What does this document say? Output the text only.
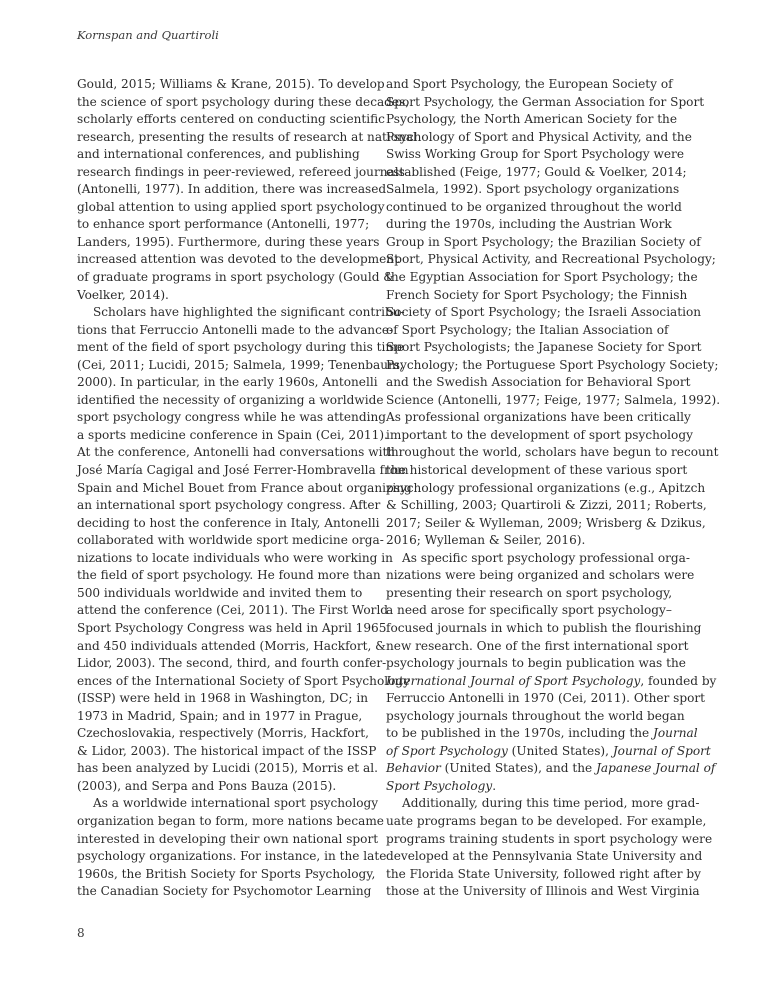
Kornspan and Quartiroli

Gould, 2015; Williams & Krane, 2015). To develop
the science of sport psychology during these decades,
scholarly efforts centered on conducting scientific
research, presenting the results of research at national
and international conferences, and publishing
research findings in peer-reviewed, refereed journals
(Antonelli, 1977). In addition, there was increased
global attention to using applied sport psychology
to enhance sport performance (Antonelli, 1977;
Landers, 1995). Furthermore, during these years
increased attention was devoted to the development
of graduate programs in sport psychology (Gould &
Voelker, 2014).

Scholars have highlighted the significant contribu-
tions that Ferruccio Antonelli made to the advance-
ment of the field of sport psychology during this time
(Cei, 2011; Lucidi, 2015; Salmela, 1999; Tenenbaum,
2000). In particular, in the early 1960s, Antonelli
identified the necessity of organizing a worldwide
sport psychology congress while he was attending
a sports medicine conference in Spain (Cei, 2011).
At the conference, Antonelli had conversations with
José María Cagigal and José Ferrer-Hombravella from
Spain and Michel Bouet from France about organizing
an international sport psychology congress. After
deciding to host the conference in Italy, Antonelli
collaborated with worldwide sport medicine orga-
nizations to locate individuals who were working in
the field of sport psychology. He found more than
500 individuals worldwide and invited them to
attend the conference (Cei, 2011). The First World
Sport Psychology Congress was held in April 1965
and 450 individuals attended (Morris, Hackfort, &
Lidor, 2003). The second, third, and fourth confer-
ences of the International Society of Sport Psychology
(ISSP) were held in 1968 in Washington, DC; in
1973 in Madrid, Spain; and in 1977 in Prague,
Czechoslovakia, respectively (Morris, Hackfort,
& Lidor, 2003). The historical impact of the ISSP
has been analyzed by Lucidi (2015), Morris et al.
(2003), and Serpa and Pons Bauza (2015).

As a worldwide international sport psychology
organization began to form, more nations became
interested in developing their own national sport
psychology organizations. For instance, in the late
1960s, the British Society for Sports Psychology,
the Canadian Society for Psychomotor Learning

and Sport Psychology, the European Society of
Sport Psychology, the German Association for Sport
Psychology, the North American Society for the
Psychology of Sport and Physical Activity, and the
Swiss Working Group for Sport Psychology were
established (Feige, 1977; Gould & Voelker, 2014;
Salmela, 1992). Sport psychology organizations
continued to be organized throughout the world
during the 1970s, including the Austrian Work
Group in Sport Psychology; the Brazilian Society of
Sport, Physical Activity, and Recreational Psychology;
the Egyptian Association for Sport Psychology; the
French Society for Sport Psychology; the Finnish
Society of Sport Psychology; the Israeli Association
of Sport Psychology; the Italian Association of
Sport Psychologists; the Japanese Society for Sport
Psychology; the Portuguese Sport Psychology Society;
and the Swedish Association for Behavioral Sport
Science (Antonelli, 1977; Feige, 1977; Salmela, 1992).
As professional organizations have been critically
important to the development of sport psychology
throughout the world, scholars have begun to recount
the historical development of these various sport
psychology professional organizations (e.g., Apitzch
& Schilling, 2003; Quartiroli & Zizzi, 2011; Roberts,
2017; Seiler & Wylleman, 2009; Wrisberg & Dzikus,
2016; Wylleman & Seiler, 2016).

As specific sport psychology professional orga-
nizations were being organized and scholars were
presenting their research on sport psychology,
a need arose for specifically sport psychology–
focused journals in which to publish the flourishing
new research. One of the first international sport
psychology journals to begin publication was the
International Journal of Sport Psychology, founded by
Ferruccio Antonelli in 1970 (Cei, 2011). Other sport
psychology journals throughout the world began
to be published in the 1970s, including the Journal
of Sport Psychology (United States), Journal of Sport
Behavior (United States), and the Japanese Journal of
Sport Psychology.

Additionally, during this time period, more grad-
uate programs began to be developed. For example,
programs training students in sport psychology were
developed at the Pennsylvania State University and
the Florida State University, followed right after by
those at the University of Illinois and West Virginia

8
